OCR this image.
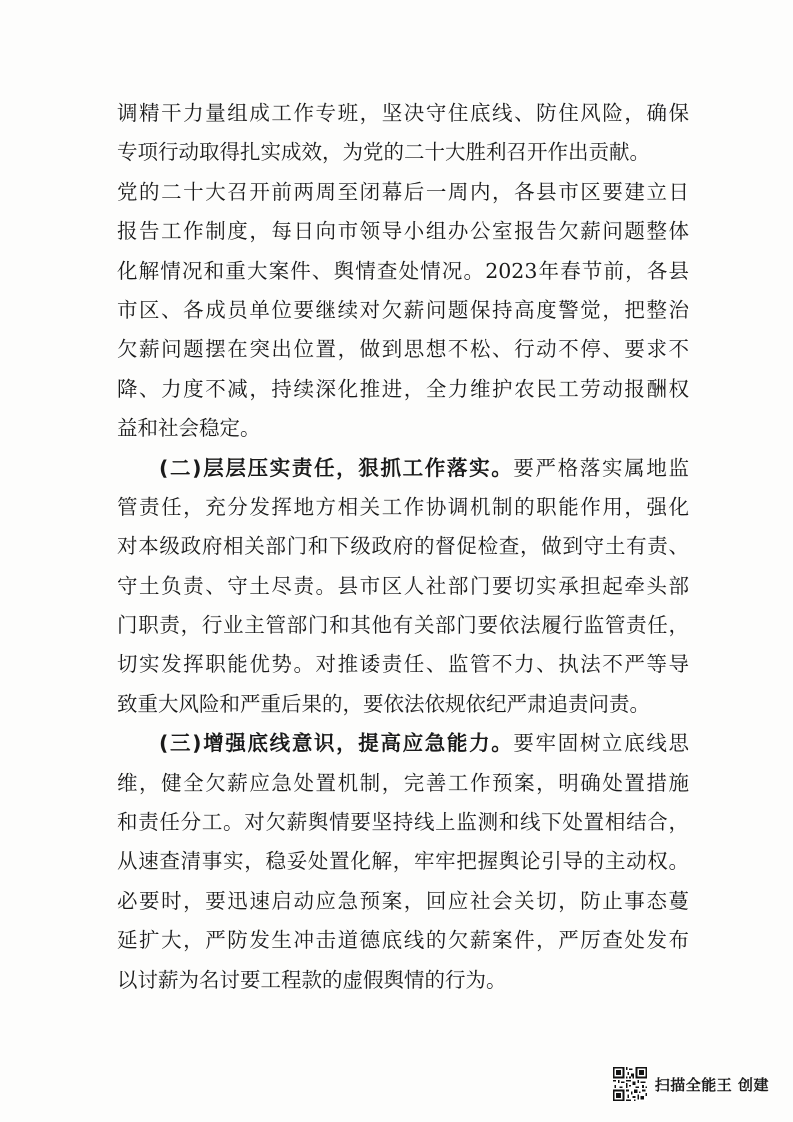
调精干力量组成工作专班，坚决守住底线、防住风险，确保
专项行动取得扎实成效，为党的二十大胜利召开作出贡献。
党的二十大召开前两周至闭幕后一周内，各县市区要建立日
报告工作制度，每日向市领导小组办公室报告欠薪问题整体
化解情况和重大案件、舆情查处情况。2023年春节前，各县
市区、各成员单位要继续对欠薪问题保持高度警觉，把整治
欠薪问题摆在突出位置，做到思想不松、行动不停、要求不
降、力度不减，持续深化推进，全力维护农民工劳动报酬权
益和社会稳定。
(二)层层压实责任，狠抓工作落实。要严格落实属地监
管责任，充分发挥地方相关工作协调机制的职能作用，强化
对本级政府相关部门和下级政府的督促检查，做到守土有责、
守土负责、守土尽责。县市区人社部门要切实承担起牵头部
门职责，行业主管部门和其他有关部门要依法履行监管责任，
切实发挥职能优势。对推诿责任、监管不力、执法不严等导
致重大风险和严重后果的，要依法依规依纪严肃追责问责。
(三)增强底线意识，提高应急能力。要牢固树立底线思
维，健全欠薪应急处置机制，完善工作预案，明确处置措施
和责任分工。对欠薪舆情要坚持线上监测和线下处置相结合，
从速查清事实，稳妥处置化解，牢牢把握舆论引导的主动权。
必要时，要迅速启动应急预案，回应社会关切，防止事态蔓
延扩大，严防发生冲击道德底线的欠薪案件，严厉查处发布
以讨薪为名讨要工程款的虚假舆情的行为。
扫描全能王 创建
